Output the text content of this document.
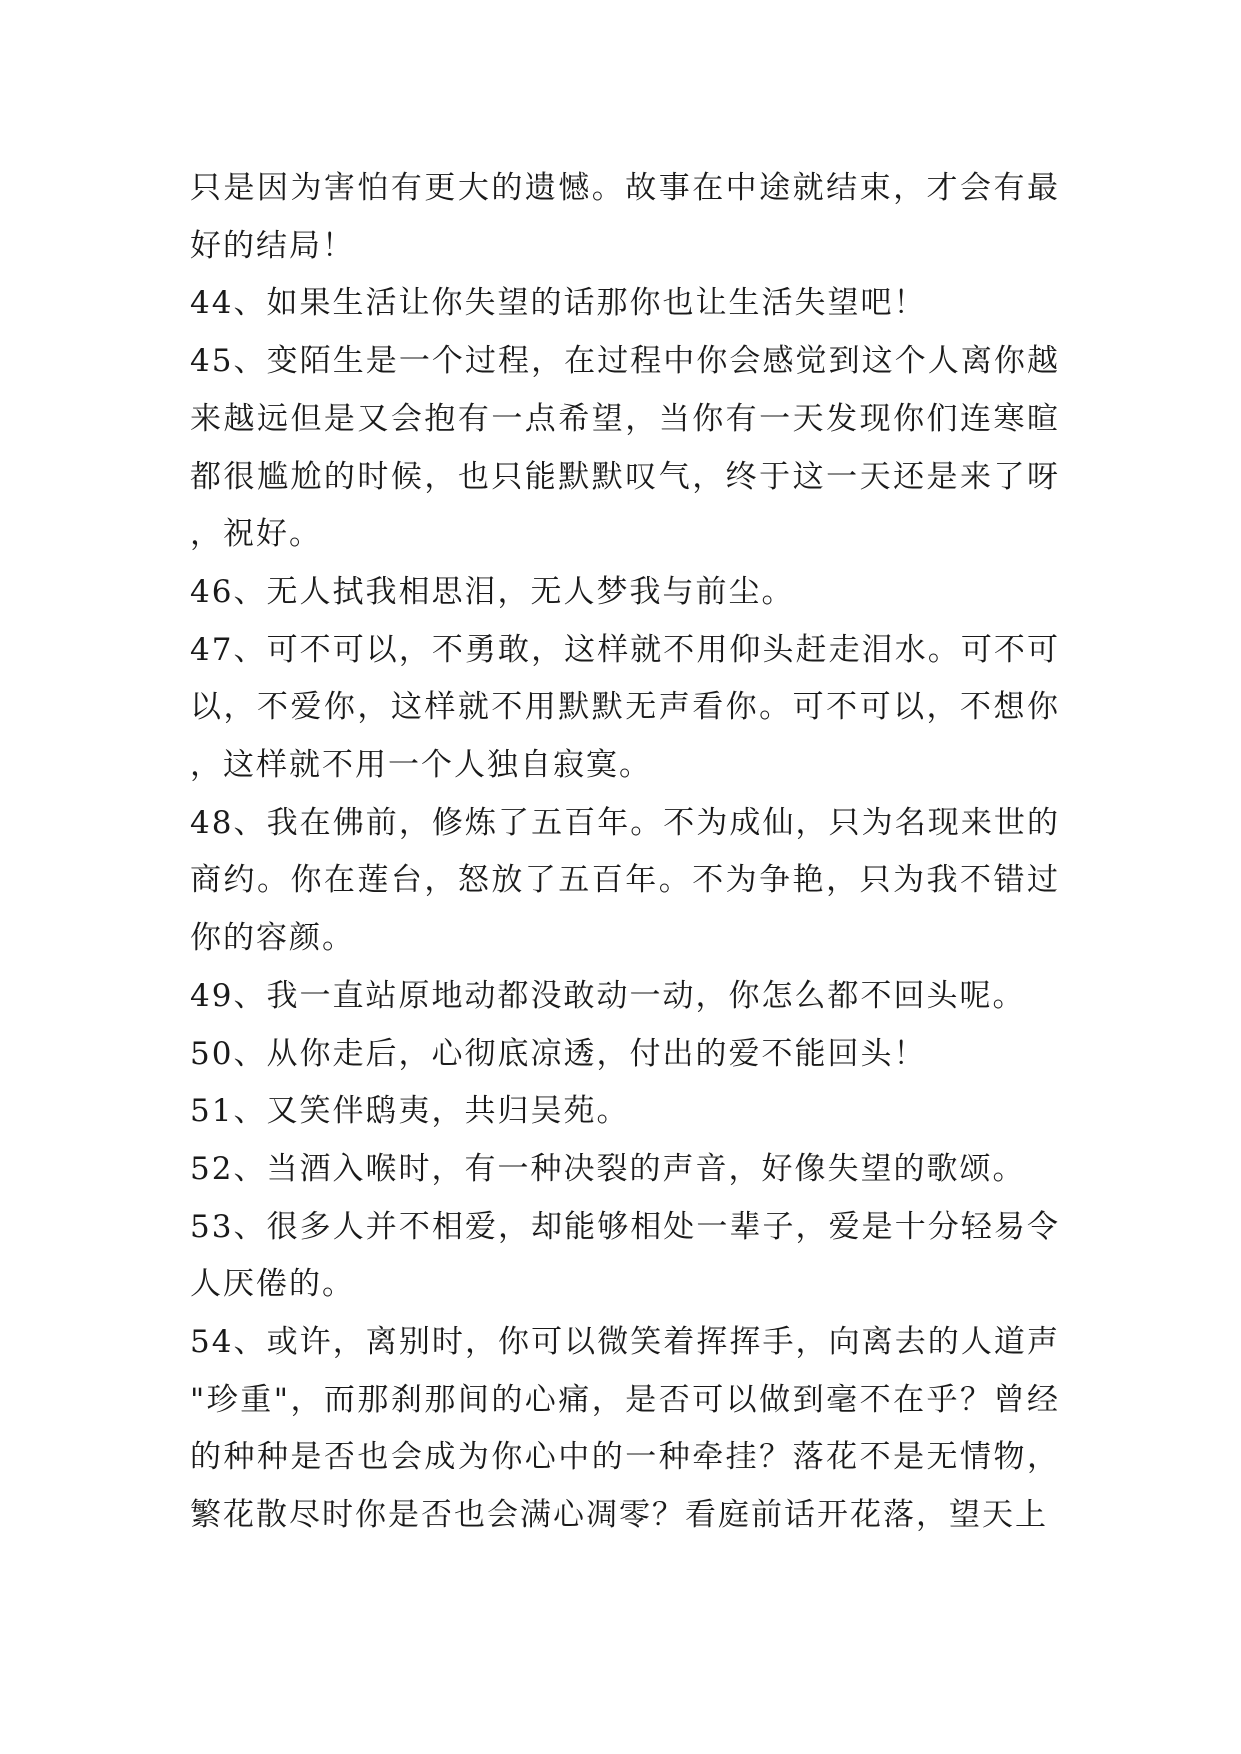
只是因为害怕有更大的遗憾。故事在中途就结束，才会有最好的结局！

44、如果生活让你失望的话那你也让生活失望吧！

45、变陌生是一个过程，在过程中你会感觉到这个人离你越来越远但是又会抱有一点希望，当你有一天发现你们连寒暄都很尴尬的时候，也只能默默叹气，终于这一天还是来了呀，祝好。

46、无人拭我相思泪，无人梦我与前尘。

47、可不可以，不勇敢，这样就不用仰头赶走泪水。可不可以，不爱你，这样就不用默默无声看你。可不可以，不想你，这样就不用一个人独自寂寞。

48、我在佛前，修炼了五百年。不为成仙，只为名现来世的商约。你在莲台，怒放了五百年。不为争艳，只为我不错过你的容颜。

49、我一直站原地动都没敢动一动，你怎么都不回头呢。

50、从你走后，心彻底凉透，付出的爱不能回头！

51、又笑伴鸱夷，共归吴苑。

52、当酒入喉时，有一种决裂的声音，好像失望的歌颂。

53、很多人并不相爱，却能够相处一辈子，爱是十分轻易令人厌倦的。

54、或许，离别时，你可以微笑着挥挥手，向离去的人道声"珍重"，而那刹那间的心痛，是否可以做到毫不在乎？曾经的种种是否也会成为你心中的一种牵挂？落花不是无情物，繁花散尽时你是否也会满心凋零？看庭前话开花落，望天上
